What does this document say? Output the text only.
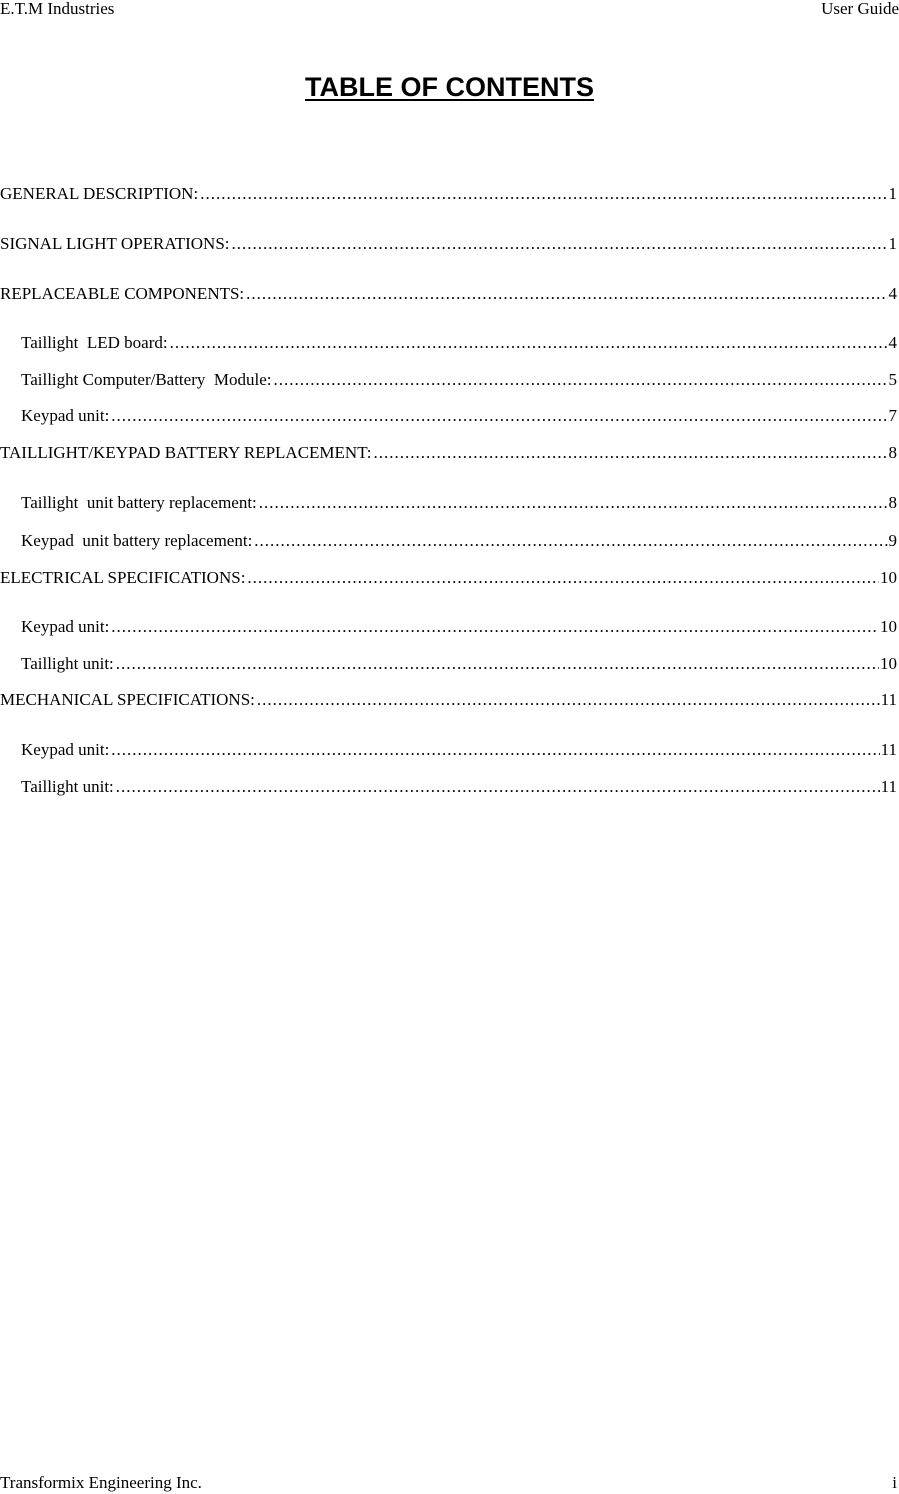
E.T.M Industries	User Guide
TABLE OF CONTENTS
GENERAL DESCRIPTION: .....	1
SIGNAL LIGHT OPERATIONS: .....	1
REPLACEABLE COMPONENTS: .....	4
Taillight  LED board: .....	4
Taillight Computer/Battery  Module: .....	5
Keypad unit: .....	7
TAILLIGHT/KEYPAD BATTERY REPLACEMENT: .....	8
Taillight  unit battery replacement: .....	8
Keypad  unit battery replacement: .....	9
ELECTRICAL SPECIFICATIONS: .....	10
Keypad unit: .....	10
Taillight unit: .....	10
MECHANICAL SPECIFICATIONS: .....	11
Keypad unit: .....	11
Taillight unit: .....	11
Transformix Engineering Inc.	i
